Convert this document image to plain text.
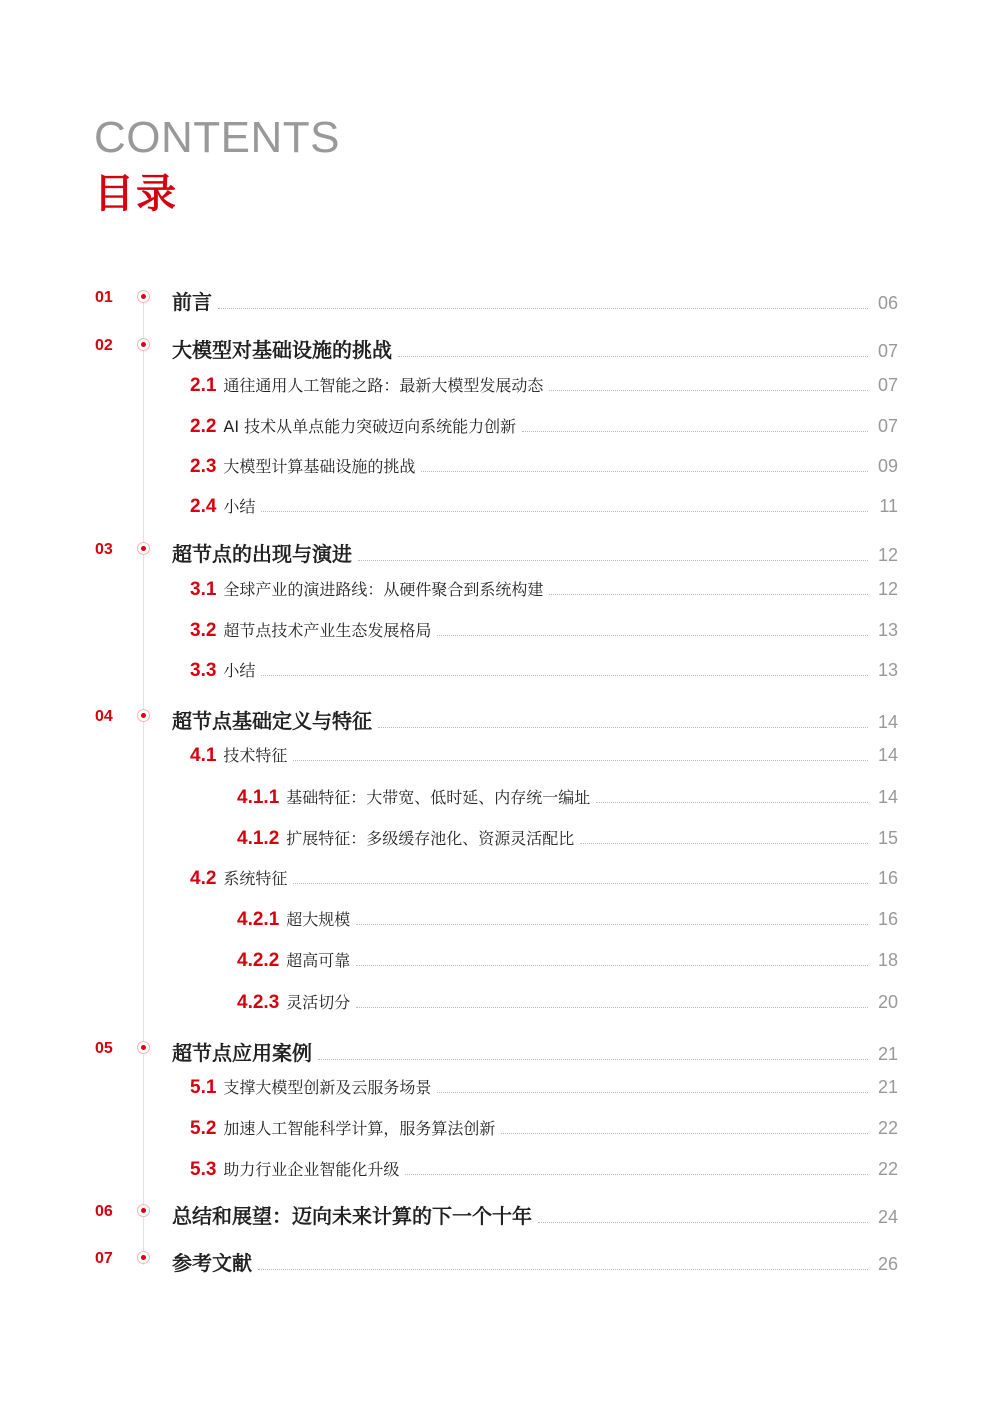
CONTENTS
目录
01	前言	06
02	大模型对基础设施的挑战	07
2.1 通往通用人工智能之路：最新大模型发展动态	07
2.2 AI 技术从单点能力突破迈向系统能力创新	07
2.3 大模型计算基础设施的挑战	09
2.4 小结	11
03	超节点的出现与演进	12
3.1 全球产业的演进路线：从硬件聚合到系统构建	12
3.2 超节点技术产业生态发展格局	13
3.3 小结	13
04	超节点基础定义与特征	14
4.1 技术特征	14
4.1.1 基础特征：大带宽、低时延、内存统一编址	14
4.1.2 扩展特征：多级缓存池化、资源灵活配比	15
4.2 系统特征	16
4.2.1 超大规模	16
4.2.2 超高可靠	18
4.2.3 灵活切分	20
05	超节点应用案例	21
5.1 支撑大模型创新及云服务场景	21
5.2 加速人工智能科学计算，服务算法创新	22
5.3 助力行业企业智能化升级	22
06	总结和展望：迈向未来计算的下一个十年	24
07	参考文献	26
